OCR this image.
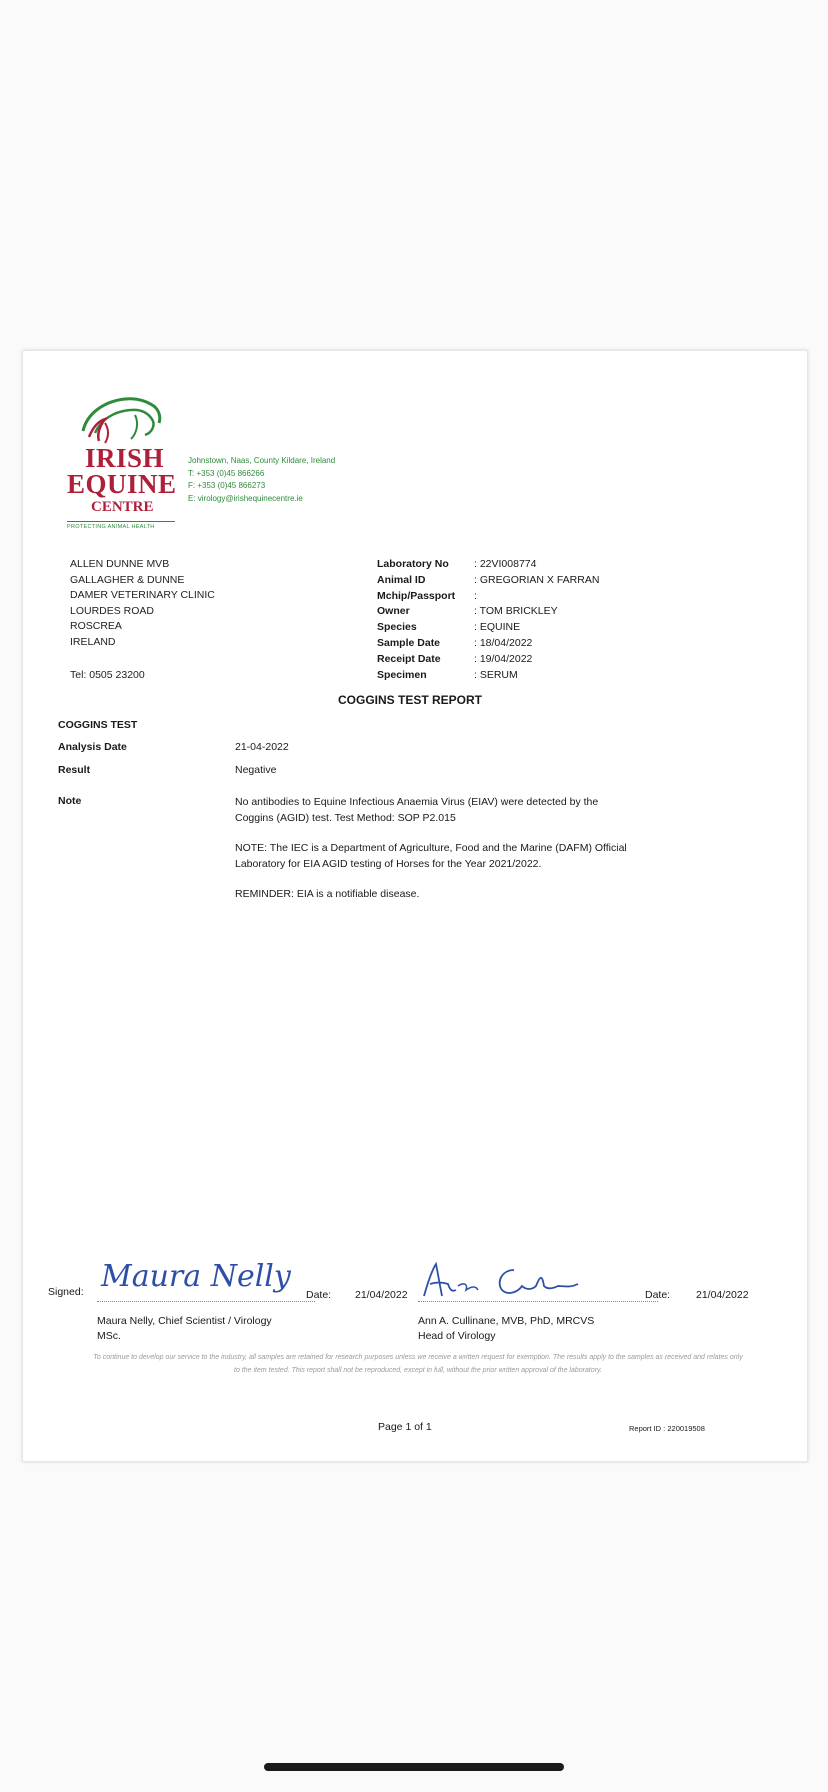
IRISH
EQUINE
CENTRE
PROTECTING ANIMAL HEALTH
Johnstown, Naas, County Kildare, Ireland
T: +353 (0)45 866266
F: +353 (0)45 866273
E: virology@irishequinecentre.ie
ALLEN DUNNE MVB
GALLAGHER & DUNNE
DAMER VETERINARY CLINIC
LOURDES ROAD
ROSCREA
IRELAND
Tel: 0505 23200
Laboratory No	: 22VI008774
Animal ID	: GREGORIAN X FARRAN
Mchip/Passport	:
Owner	: TOM BRICKLEY
Species	: EQUINE
Sample Date	: 18/04/2022
Receipt Date	: 19/04/2022
Specimen	: SERUM
COGGINS TEST REPORT
COGGINS TEST
Analysis Date	21-04-2022
Result	Negative
Note	No antibodies to Equine Infectious Anaemia Virus (EIAV) were detected by the Coggins (AGID) test. Test Method: SOP P2.015

NOTE: The IEC is a Department of Agriculture, Food and the Marine (DAFM) Official Laboratory for EIA AGID testing of Horses for the Year 2021/2022.

REMINDER: EIA is a notifiable disease.

Signed: Maura Nelly
Date: 21/04/2022	Date: 21/04/2022
Maura Nelly, Chief Scientist / Virology
MSc.
Ann A. Cullinane, MVB, PhD, MRCVS
Head of Virology
To continue to develop our service to the industry, all samples are retained for research purposes unless we receive a written request for exemption. The results apply to the samples as received and relates only to the item tested. This report shall not be reproduced, except in full, without the prior written approval of the laboratory.
Page 1 of 1	Report ID : 220019508
